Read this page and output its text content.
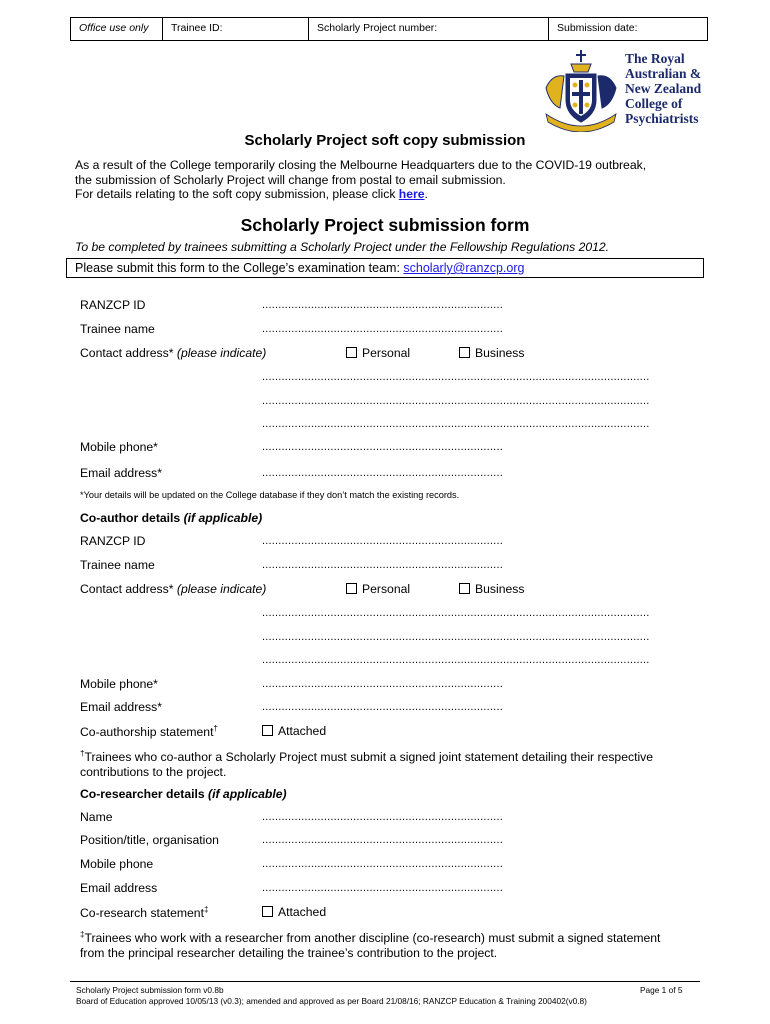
Office use only	Trainee ID:	Scholarly Project number:	Submission date:
The Royal
Australian &
New Zealand
College of
Psychiatrists
Scholarly Project soft copy submission
As a result of the College temporarily closing the Melbourne Headquarters due to the COVID-19 outbreak,
the submission of Scholarly Project will change from postal to email submission.
For details relating to the soft copy submission, please click here.
Scholarly Project submission form
To be completed by trainees submitting a Scholarly Project under the Fellowship Regulations 2012.
Please submit this form to the College’s examination team: scholarly@ranzcp.org
RANZCP ID	..........................................................................
Trainee name	..........................................................................
Contact address* (please indicate)	Personal	Business
.......................................................................................................................
.......................................................................................................................
.......................................................................................................................
Mobile phone*	..........................................................................
Email address*	..........................................................................
*Your details will be updated on the College database if they don’t match the existing records.
Co-author details (if applicable)
RANZCP ID	..........................................................................
Trainee name	..........................................................................
Contact address* (please indicate)	Personal	Business
.......................................................................................................................
.......................................................................................................................
.......................................................................................................................
Mobile phone*	..........................................................................
Email address*	..........................................................................
Co-authorship statement†	Attached
†Trainees who co-author a Scholarly Project must submit a signed joint statement detailing their respective
contributions to the project.
Co-researcher details (if applicable)
Name	..........................................................................
Position/title, organisation	..........................................................................
Mobile phone	..........................................................................
Email address	..........................................................................
Co-research statement‡	Attached
‡Trainees who work with a researcher from another discipline (co-research) must submit a signed statement
from the principal researcher detailing the trainee’s contribution to the project.
Scholarly Project submission form v0.8b
Board of Education approved 10/05/13 (v0.3); amended and approved as per Board 21/08/16; RANZCP Education & Training 200402(v0.8)
Page 1 of 5
